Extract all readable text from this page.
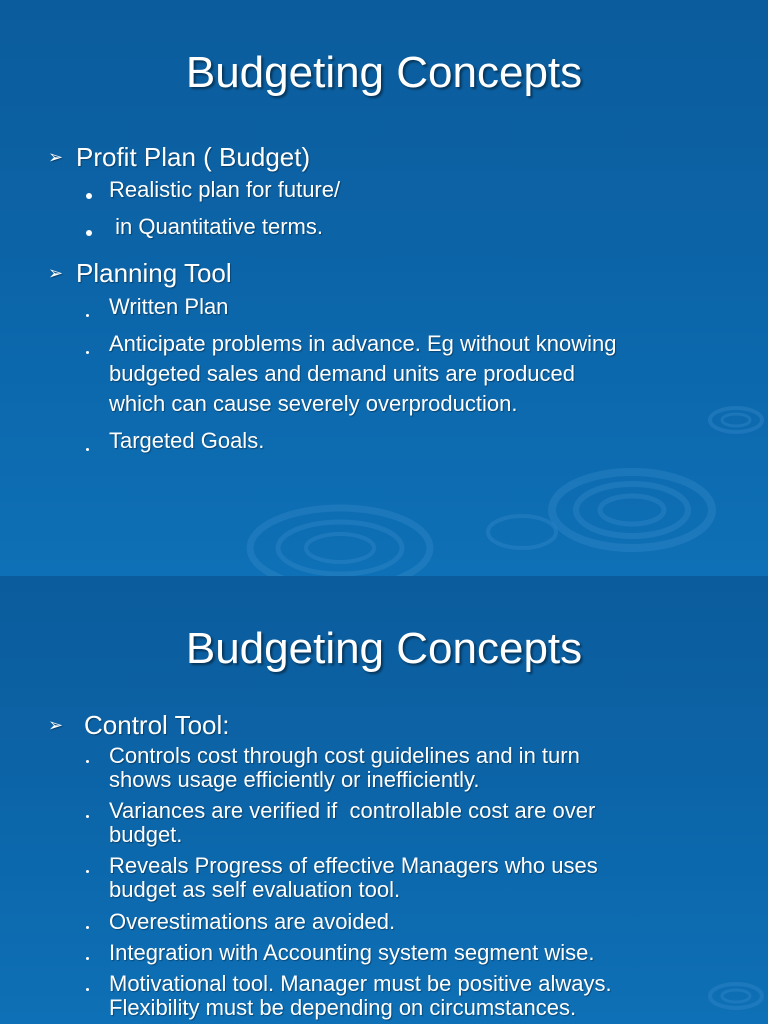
Budgeting Concepts
➢ Profit Plan ( Budget)
Realistic plan for future/
in Quantitative terms.
➢ Planning Tool
Written Plan
Anticipate problems in advance. Eg without knowing
budgeted sales and demand units are produced
which can cause severely overproduction.
Targeted Goals.
Budgeting Concepts
➢ Control Tool:
Controls cost through cost guidelines and in turn
shows usage efficiently or inefficiently.
Variances are verified if  controllable cost are over
budget.
Reveals Progress of effective Managers who uses
budget as self evaluation tool.
Overestimations are avoided.
Integration with Accounting system segment wise.
Motivational tool. Manager must be positive always.
Flexibility must be depending on circumstances.
